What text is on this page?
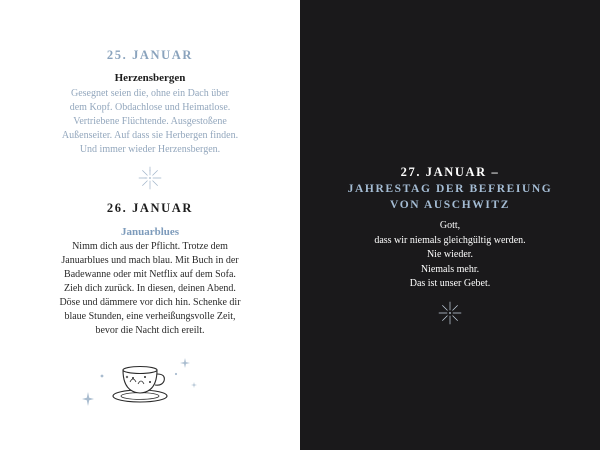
25. JANUAR
Herzensbergen
Gesegnet seien die, ohne ein Dach über
dem Kopf. Obdachlose und Heimatlose.
Vertriebene Flüchtende. Ausgestoßene
Außenseiter. Auf dass sie Herbergen finden.
Und immer wieder Herzensbergen.
26. JANUAR
Januarblues
Nimm dich aus der Pflicht. Trotze dem
Januarblues und mach blau. Mit Buch in der
Badewanne oder mit Netflix auf dem Sofa.
Zieh dich zurück. In diesen, deinen Abend.
Döse und dämmere vor dich hin. Schenke dir
blaue Stunden, eine verheißungsvolle Zeit,
bevor die Nacht dich ereilt.
27. JANUAR –
JAHRESTAG DER BEFREIUNG
VON AUSCHWITZ
Gott,
dass wir niemals gleichgültig werden.
Nie wieder.
Niemals mehr.
Das ist unser Gebet.
